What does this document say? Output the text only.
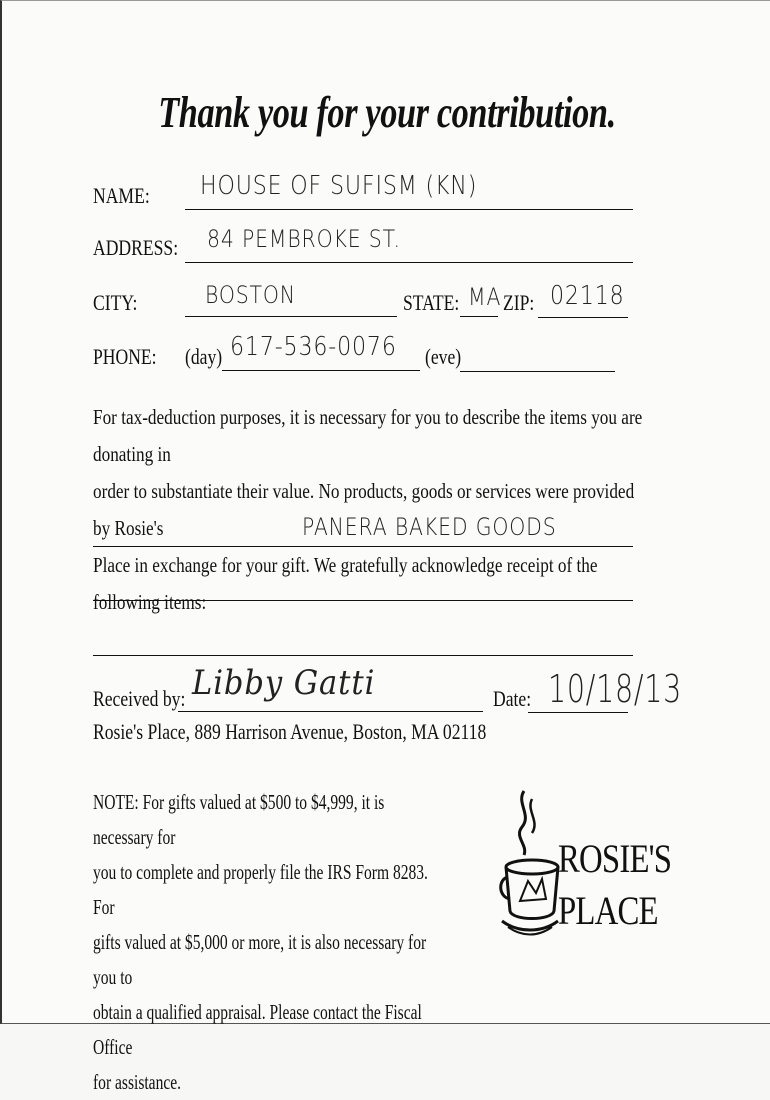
Thank you for your contribution.
NAME: HOUSE OF SUFISM (KN)
ADDRESS: 84 PEMBROKE ST.
CITY:	BOSTON	STATE: MA ZIP: 02118
PHONE: (day) 617-536-0076 (eve)
For tax-deduction purposes, it is necessary for you to describe the items you are donating in
order to substantiate their value. No products, goods or services were provided by Rosie's
Place in exchange for your gift. We gratefully acknowledge receipt of the following items:
PANERA BAKED GOODS
Received by: Libby Gatti	Date: 10/18/13
Rosie's Place, 889 Harrison Avenue, Boston, MA 02118
NOTE: For gifts valued at $500 to $4,999, it is necessary for
you to complete and properly file the IRS Form 8283. For
gifts valued at $5,000 or more, it is also necessary for you to
obtain a qualified appraisal. Please contact the Fiscal Office
for assistance.
ROSIE'S
PLACE
